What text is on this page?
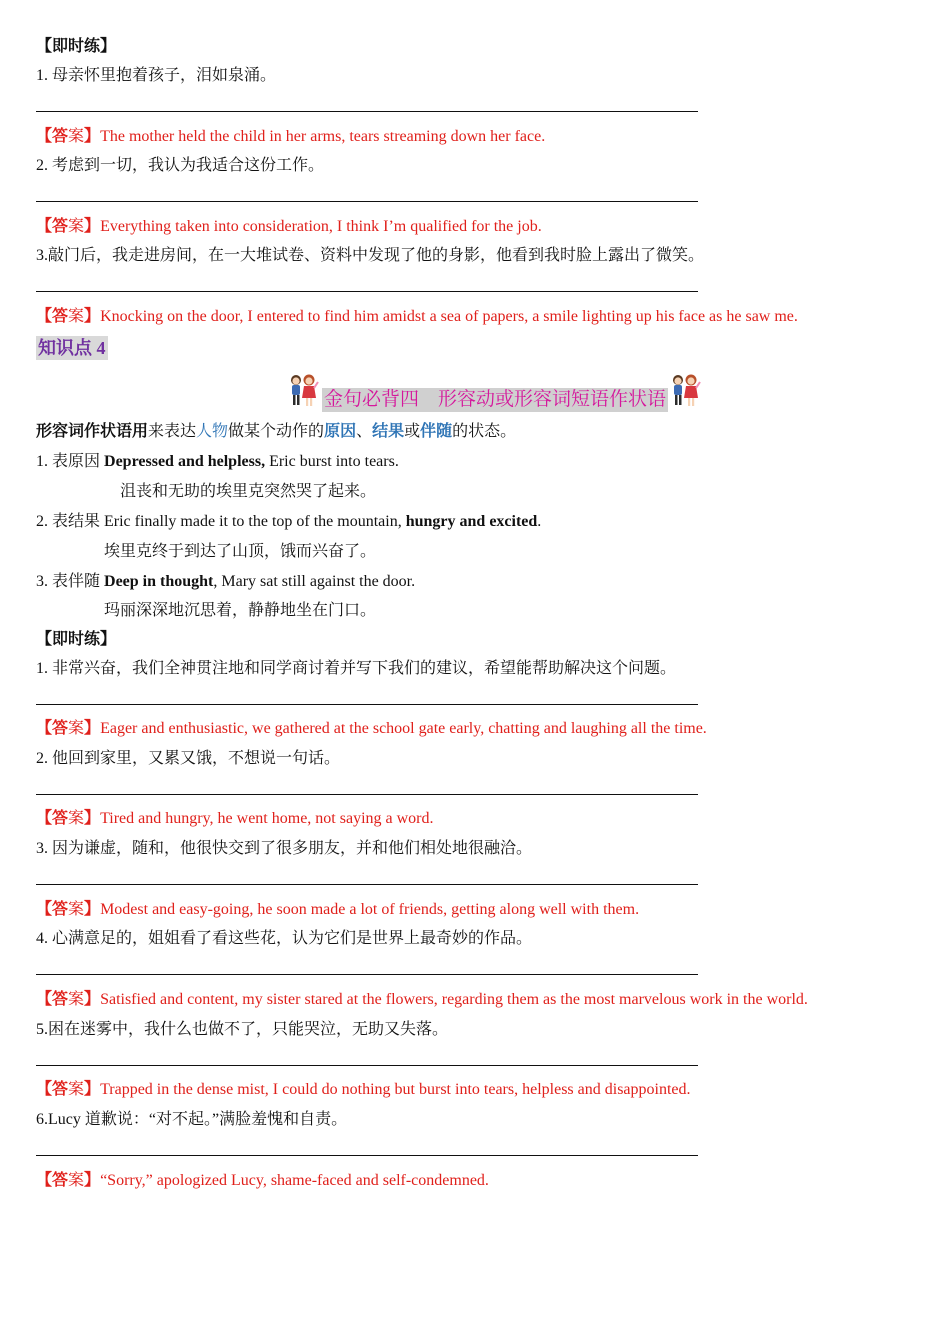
【即时练】
1. 母亲怀里抱着孩子，泪如泉涌。
【答案】The mother held the child in her arms, tears streaming down her face.
2. 考虑到一切，我认为我适合这份工作。
【答案】Everything taken into consideration, I think I’m qualified for the job.
3.敲门后，我走进房间，在一大堆试卷、资料中发现了他的身影，他看到我时脸上露出了微笑。
【答案】Knocking on the door, I entered to find him amidst a sea of papers, a smile lighting up his face as he saw me.
知识点 4
金句必背四　形容动或形容词短语作状语
形容词作状语用来表达人物做某个动作的原因、结果或伴随的状态。
1. 表原因 Depressed and helpless, Eric burst into tears.
沮丧和无助的埃里克突然哭了起来。
2. 表结果 Eric finally made it to the top of the mountain, hungry and excited.
埃里克终于到达了山顶，饿而兴奋了。
3. 表伴随 Deep in thought, Mary sat still against the door.
玛丽深深地沉思着，静静地坐在门口。
【即时练】
1. 非常兴奋，我们全神贯注地和同学商讨着并写下我们的建议，希望能帮助解决这个问题。
【答案】Eager and enthusiastic, we gathered at the school gate early, chatting and laughing all the time.
2. 他回到家里，又累又饿，不想说一句话。
【答案】Tired and hungry, he went home, not saying a word.
3. 因为谦虚，随和，他很快交到了很多朋友，并和他们相处地很融洽。
【答案】Modest and easy-going, he soon made a lot of friends, getting along well with them.
4. 心满意足的，姐姐看了看这些花，认为它们是世界上最奇妙的作品。
【答案】Satisfied and content, my sister stared at the flowers, regarding them as the most marvelous work in the world.
5.困在迷雾中，我什么也做不了，只能哭泣，无助又失落。
【答案】Trapped in the dense mist, I could do nothing but burst into tears, helpless and disappointed.
6.Lucy 道歉说：“对不起。”满脸羞愧和自责。
【答案】“Sorry,” apologized Lucy, shame-faced and self-condemned.
